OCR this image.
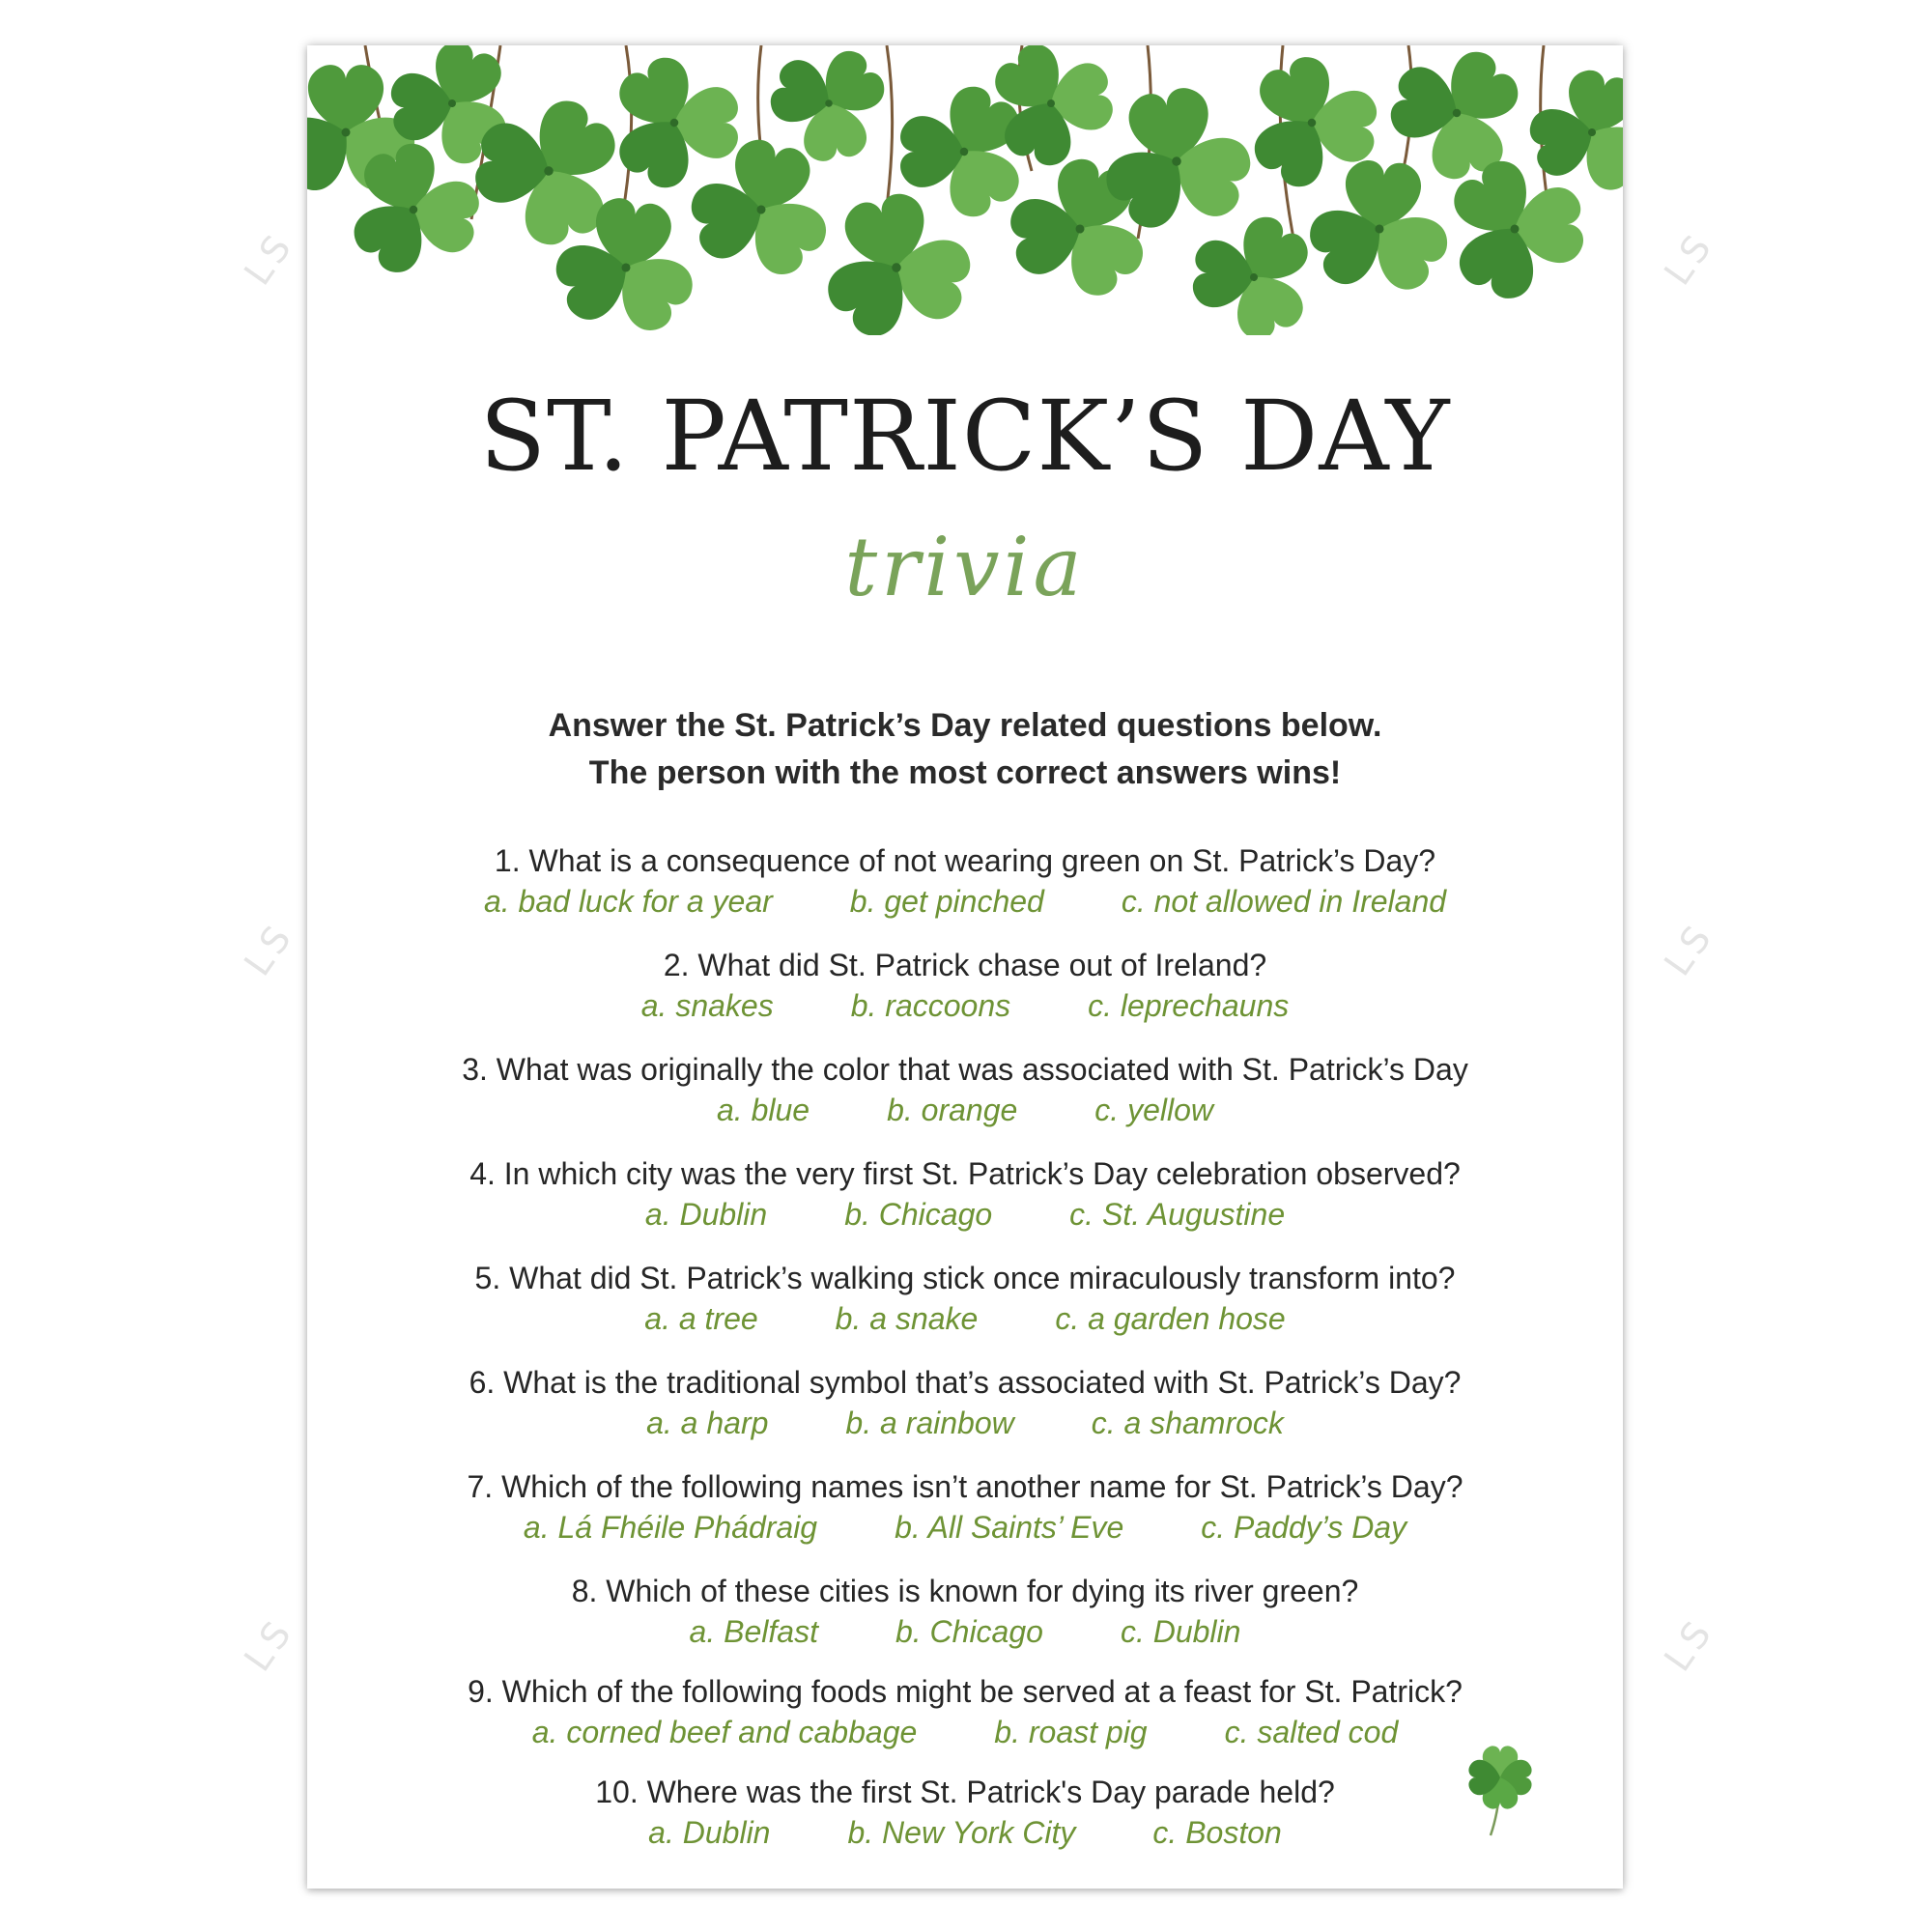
LS	LS
LS	LS
LS	LS
ST. PATRICK’S DAY
trivia
Answer the St. Patrick’s Day related questions below.
The person with the most correct answers wins!
1. What is a consequence of not wearing green on St. Patrick’s Day?
a. bad luck for a year	b. get pinched	c. not allowed in Ireland
2. What did St. Patrick chase out of Ireland?
a. snakes	b. raccoons	c. leprechauns
3. What was originally the color that was associated with St. Patrick’s Day
a. blue	b. orange	c. yellow
4. In which city was the very first St. Patrick’s Day celebration observed?
a. Dublin	b. Chicago	c. St. Augustine
5. What did St. Patrick’s walking stick once miraculously transform into?
a. a tree	b. a snake	c. a garden hose
6. What is the traditional symbol that’s associated with St. Patrick’s Day?
a. a harp	b. a rainbow	c. a shamrock
7. Which of the following names isn’t another name for St. Patrick’s Day?
a. Lá Fhéile Phádraig	b. All Saints’ Eve	c. Paddy’s Day
8. Which of these cities is known for dying its river green?
a. Belfast	b. Chicago	c. Dublin
9. Which of the following foods might be served at a feast for St. Patrick?
a. corned beef and cabbage	b. roast pig	c. salted cod
10. Where was the first St. Patrick's Day parade held?
a. Dublin	b. New York City	c. Boston
